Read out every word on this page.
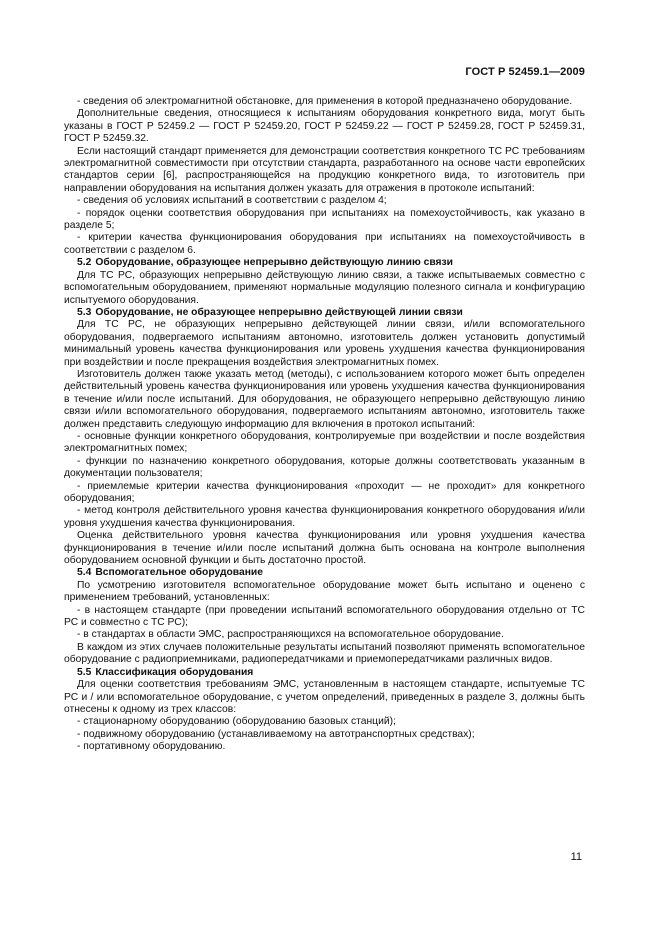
ГОСТ Р 52459.1—2009

- сведения об электромагнитной обстановке, для применения в которой предназначено оборудование.

Дополнительные сведения, относящиеся к испытаниям оборудования конкретного вида, могут быть указаны в ГОСТ Р 52459.2 — ГОСТ Р 52459.20, ГОСТ Р 52459.22 — ГОСТ Р 52459.28, ГОСТ Р 52459.31, ГОСТ Р 52459.32.

Если настоящий стандарт применяется для демонстрации соответствия конкретного ТС РС требованиям электромагнитной совместимости при отсутствии стандарта, разработанного на основе части европейских стандартов серии [6], распространяющейся на продукцию конкретного вида, то изготовитель при направлении оборудования на испытания должен указать для отражения в протоколе испытаний:

- сведения об условиях испытаний в соответствии с разделом 4;

- порядок оценки соответствия оборудования при испытаниях на помехоустойчивость, как указано в разделе 5;

- критерии качества функционирования оборудования при испытаниях на помехоустойчивость в соответствии с разделом 6.

5.2 Оборудование, образующее непрерывно действующую линию связи

Для ТС РС, образующих непрерывно действующую линию связи, а также испытываемых совместно с вспомогательным оборудованием, применяют нормальные модуляцию полезного сигнала и конфигурацию испытуемого оборудования.

5.3 Оборудование, не образующее непрерывно действующей линии связи

Для ТС РС, не образующих непрерывно действующей линии связи, и/или вспомогательного оборудования, подвергаемого испытаниям автономно, изготовитель должен установить допустимый минимальный уровень качества функционирования или уровень ухудшения качества функционирования при воздействии и после прекращения воздействия электромагнитных помех.

Изготовитель должен также указать метод (методы), с использованием которого может быть определен действительный уровень качества функционирования или уровень ухудшения качества функционирования в течение и/или после испытаний. Для оборудования, не образующего непрерывно действующую линию связи и/или вспомогательного оборудования, подвергаемого испытаниям автономно, изготовитель также должен представить следующую информацию для включения в протокол испытаний:

- основные функции конкретного оборудования, контролируемые при воздействии и после воздействия электромагнитных помех;

- функции по назначению конкретного оборудования, которые должны соответствовать указанным в документации пользователя;

- приемлемые критерии качества функционирования «проходит — не проходит» для конкретного оборудования;

- метод контроля действительного уровня качества функционирования конкретного оборудования и/или уровня ухудшения качества функционирования.

Оценка действительного уровня качества функционирования или уровня ухудшения качества функционирования в течение и/или после испытаний должна быть основана на контроле выполнения оборудованием основной функции и быть достаточно простой.

5.4 Вспомогательное оборудование

По усмотрению изготовителя вспомогательное оборудование может быть испытано и оценено с применением требований, установленных:

- в настоящем стандарте (при проведении испытаний вспомогательного оборудования отдельно от ТС РС и совместно с ТС РС);

- в стандартах в области ЭМС, распространяющихся на вспомогательное оборудование.

В каждом из этих случаев положительные результаты испытаний позволяют применять вспомогательное оборудование с радиоприемниками, радиопередатчиками и приемопередатчиками различных видов.

5.5 Классификация оборудования

Для оценки соответствия требованиям ЭМС, установленным в настоящем стандарте, испытуемые ТС РС и / или вспомогательное оборудование, с учетом определений, приведенных в разделе 3, должны быть отнесены к одному из трех классов:

- стационарному оборудованию (оборудованию базовых станций);

- подвижному оборудованию (устанавливаемому на автотранспортных средствах);

- портативному оборудованию.

11
